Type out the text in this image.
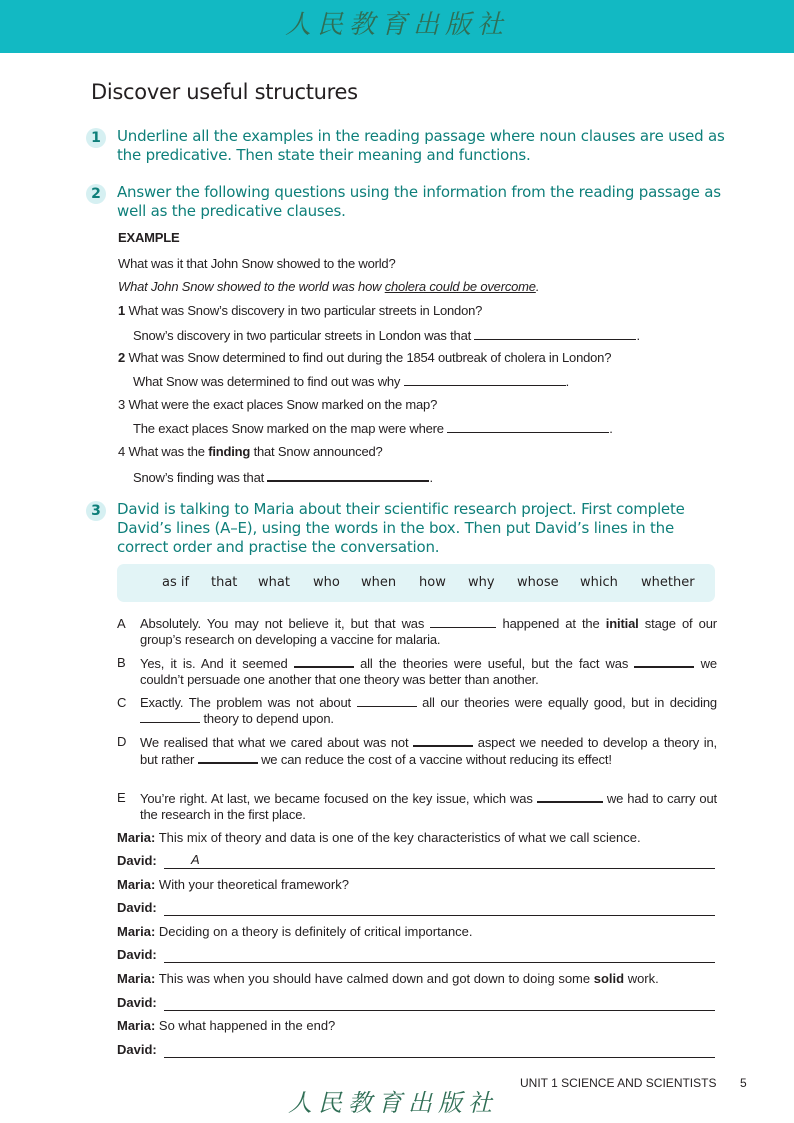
人民教育出版社
Discover useful structures
1	Underline all the examples in the reading passage where noun clauses are used as the predicative. Then state their meaning and functions.
2	Answer the following questions using the information from the reading passage as well as the predicative clauses.
EXAMPLE
What was it that John Snow showed to the world?
What John Snow showed to the world was how cholera could be overcome.
1 What was Snow’s discovery in two particular streets in London?
Snow’s discovery in two particular streets in London was that	.
2 What was Snow determined to find out during the 1854 outbreak of cholera in London?
What Snow was determined to find out was why	.
3 What were the exact places Snow marked on the map?
The exact places Snow marked on the map were where	.
4 What was the finding that Snow announced?
Snow’s finding was that	.
3	David is talking to Maria about their scientific research project. First complete David’s lines (A–E), using the words in the box. Then put David’s lines in the correct order and practise the conversation.
as if that what who when how why whose which whether
A Absolutely. You may not believe it, but that was	happened at the initial stage of our group’s research on developing a vaccine for malaria.
B Yes, it is. And it seemed	all the theories were useful, but the fact was	we couldn’t persuade one another that one theory was better than another.
C Exactly. The problem was not about	all our theories were equally good, but in deciding  theory to depend upon.
D We realised that what we cared about was not	aspect we needed to develop a theory in, but rather	we can reduce the cost of a vaccine without reducing its effect!
E You’re right. At last, we became focused on the key issue, which was	we had to carry out the research in the first place.
Maria: This mix of theory and data is one of the key characteristics of what we call science.
David:	A
Maria: With your theoretical framework?
David:
Maria: Deciding on a theory is definitely of critical importance.
David:
Maria: This was when you should have calmed down and got down to doing some solid work.
David:
Maria: So what happened in the end?
David:
人民教育出版社
UNIT 1 SCIENCE AND SCIENTISTS 5
